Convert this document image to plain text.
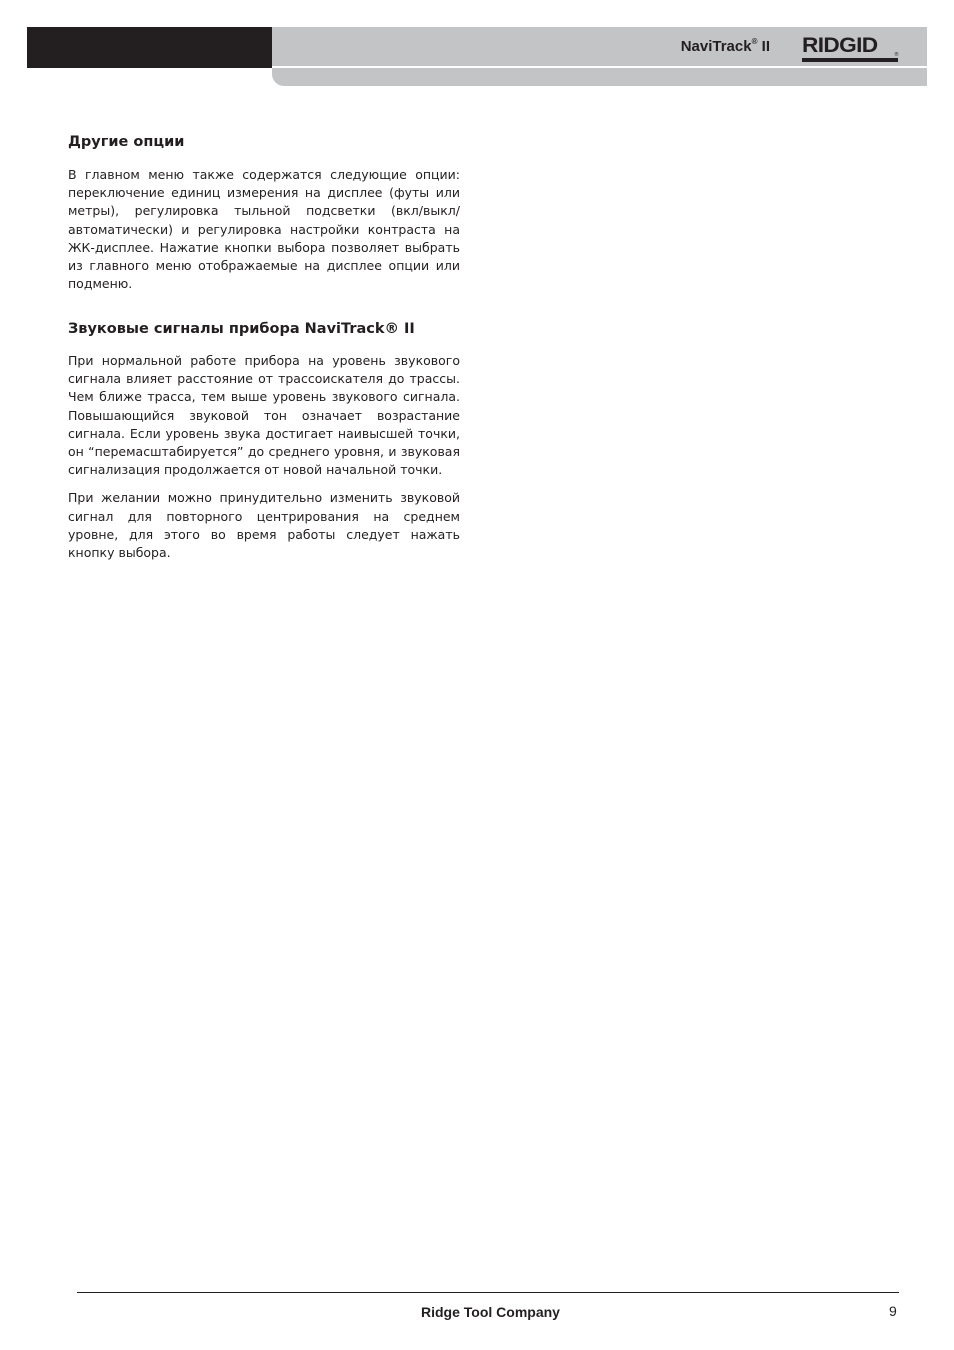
NaviTrack® II RIDGID	®
Другие опции

В главном меню также содержатся следующие опции: переключение единиц измерения на дисплее (футы или метры), регулировка тыльной подсветки (вкл/выкл/автоматически) и регулировка настройки контраста на ЖК-дисплее. Нажатие кнопки выбора позволяет выбрать из главного меню отображаемые на дисплее опции или подменю.

Звуковые сигналы прибора NaviTrack® II

При нормальной работе прибора на уровень звукового сигнала влияет расстояние от трассоискателя до трассы. Чем ближе трасса, тем выше уровень звукового сигнала. Повышающийся звуковой тон означает возрастание сигнала. Если уровень звука достигает наивысшей точки, он “перемасштабируется” до среднего уровня, и звуковая сигнализация продолжается от новой начальной точки.

При желании можно принудительно изменить звуковой сигнал для повторного центрирования на среднем уровне, для этого во время работы следует нажать кнопку выбора.

Ridge Tool Company	9
